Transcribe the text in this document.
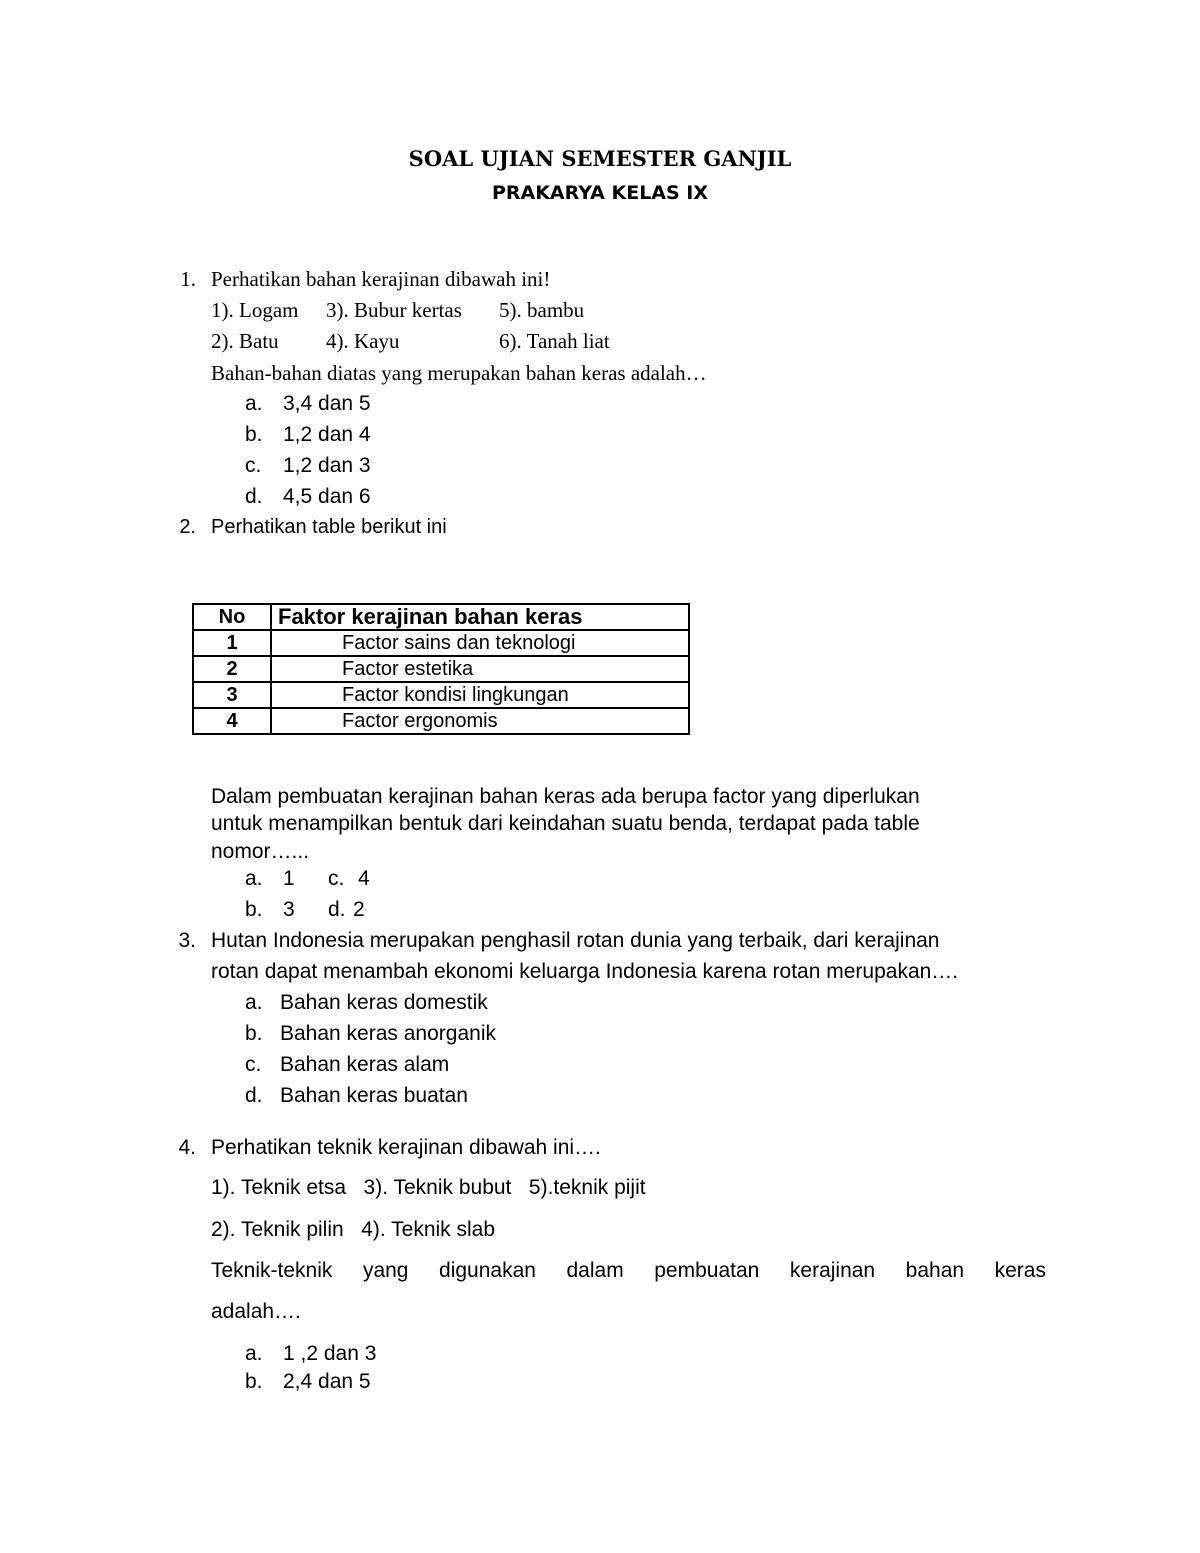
SOAL UJIAN SEMESTER GANJIL
PRAKARYA KELAS IX
1. Perhatikan bahan kerajinan dibawah ini!
1). Logam 3). Bubur kertas 5). bambu
2). Batu 4). Kayu	6). Tanah liat
Bahan-bahan diatas yang merupakan bahan keras adalah…
a. 3,4 dan 5
b. 1,2 dan 4
c. 1,2 dan 3
d. 4,5 dan 6
2. Perhatikan table berikut ini
No	Faktor kerajinan bahan keras
1	Factor sains dan teknologi
2	Factor estetika
3	Factor kondisi lingkungan
4	Factor ergonomis
Dalam pembuatan kerajinan bahan keras ada berupa factor yang diperlukan
untuk menampilkan bentuk dari keindahan suatu benda, terdapat pada table
nomor…...
a. 1 c. 4
b. 3 d. 2
3. Hutan Indonesia merupakan penghasil rotan dunia yang terbaik, dari kerajinan
rotan dapat menambah ekonomi keluarga Indonesia karena rotan merupakan….
a. Bahan keras domestik
b. Bahan keras anorganik
c. Bahan keras alam
d. Bahan keras buatan
4. Perhatikan teknik kerajinan dibawah ini….
1). Teknik etsa   3). Teknik bubut   5).teknik pijit
2). Teknik pilin   4). Teknik slab
Teknik-teknik yang digunakan dalam pembuatan kerajinan bahan keras
adalah….
a. 1 ,2 dan 3
b. 2,4 dan 5
